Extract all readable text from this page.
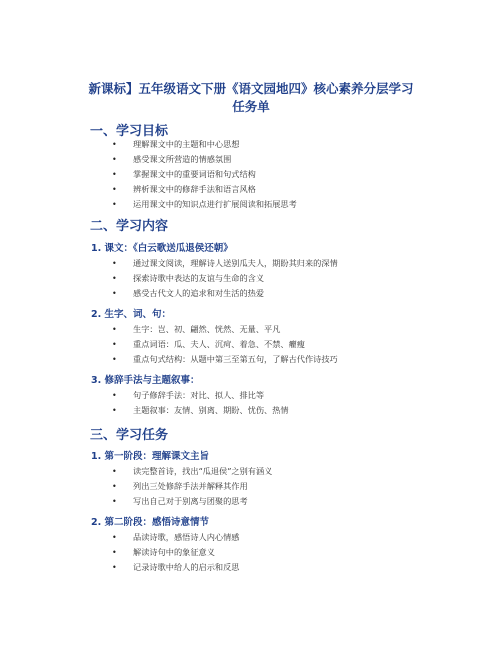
新课标】五年级语文下册《语文园地四》核心素养分层学习

任务单

一、学习目标
• 理解课文中的主题和中心思想
• 感受课文所营造的情感氛围
• 掌握课文中的重要词语和句式结构
• 辨析课文中的修辞手法和语言风格
• 运用课文中的知识点进行扩展阅读和拓展思考
二、学习内容
1. 课文：《白云歌送瓜退侯还朝》
• 通过课文阅读，理解诗人送别瓜夫人，期盼其归来的深情
• 探索诗歌中表达的友谊与生命的含义
• 感受古代文人的追求和对生活的热爱
2. 生字、词、句：
• 生字：岂、初、翩然、恍然、无量、平凡
• 重点词语：瓜、夫人、沉疴、着急、不禁、癯瘦
• 重点句式结构：从题中第三至第五句，了解古代作诗技巧
3. 修辞手法与主题叙事：
• 句子修辞手法：对比、拟人、排比等
• 主题叙事：友情、别离、期盼、忧伤、热情
三、学习任务
1. 第一阶段：理解课文主旨
• 读完整首诗，找出“瓜退侯”之别有涵义
• 列出三处修辞手法并解释其作用
• 写出自己对于别离与团聚的思考
2. 第二阶段：感悟诗意情节
• 品读诗歌，感悟诗人内心情感
• 解读诗句中的象征意义
• 记录诗歌中给人的启示和反思
